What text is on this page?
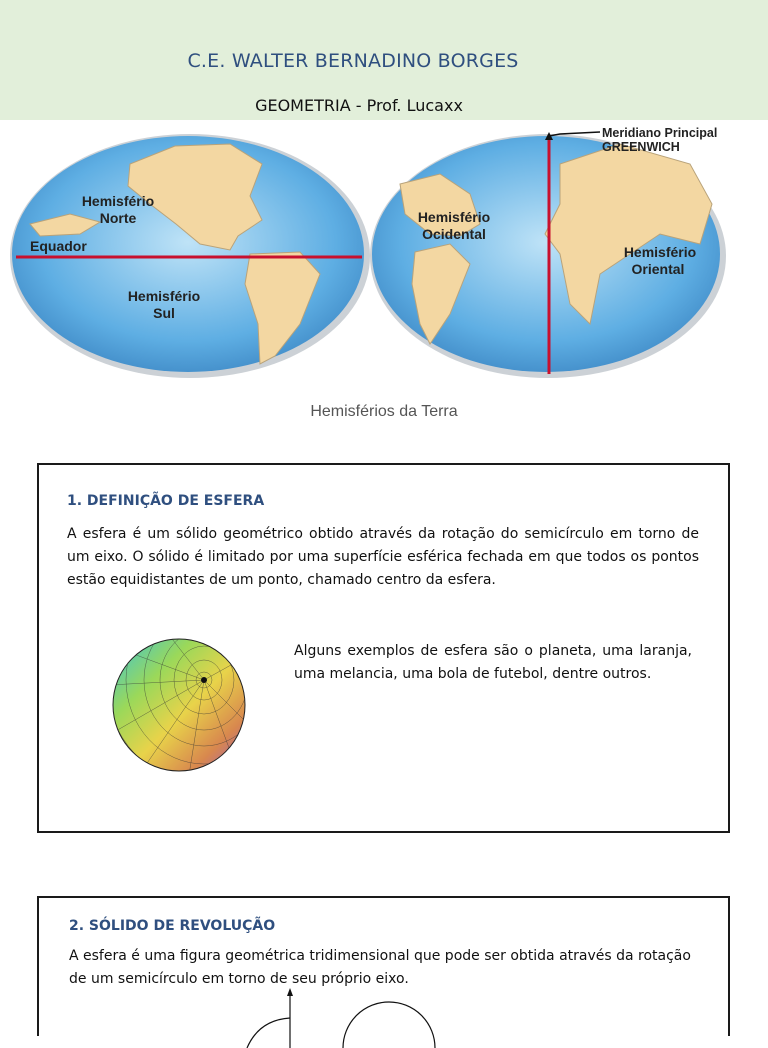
C.E. WALTER BERNADINO BORGES
GEOMETRIA - Prof. Lucaxx
Hemisfério
Norte
Equador
Hemisfério
Sul
Hemisfério
Ocidental
Hemisfério
Oriental
Meridiano Principal
GREENWICH
Hemisférios da Terra
1. DEFINIÇÃO DE ESFERA
A esfera é um sólido geométrico obtido através da rotação do semicírculo em torno de um eixo. O sólido é limitado por uma superfície esférica fechada em que todos os pontos estão equidistantes de um ponto, chamado centro da esfera.
Alguns exemplos de esfera são o planeta, uma laranja, uma melancia, uma bola de futebol, dentre outros.
2. SÓLIDO DE REVOLUÇÃO
A esfera é uma figura geométrica tridimensional que pode ser obtida através da rotação de um semicírculo em torno de seu próprio eixo.
